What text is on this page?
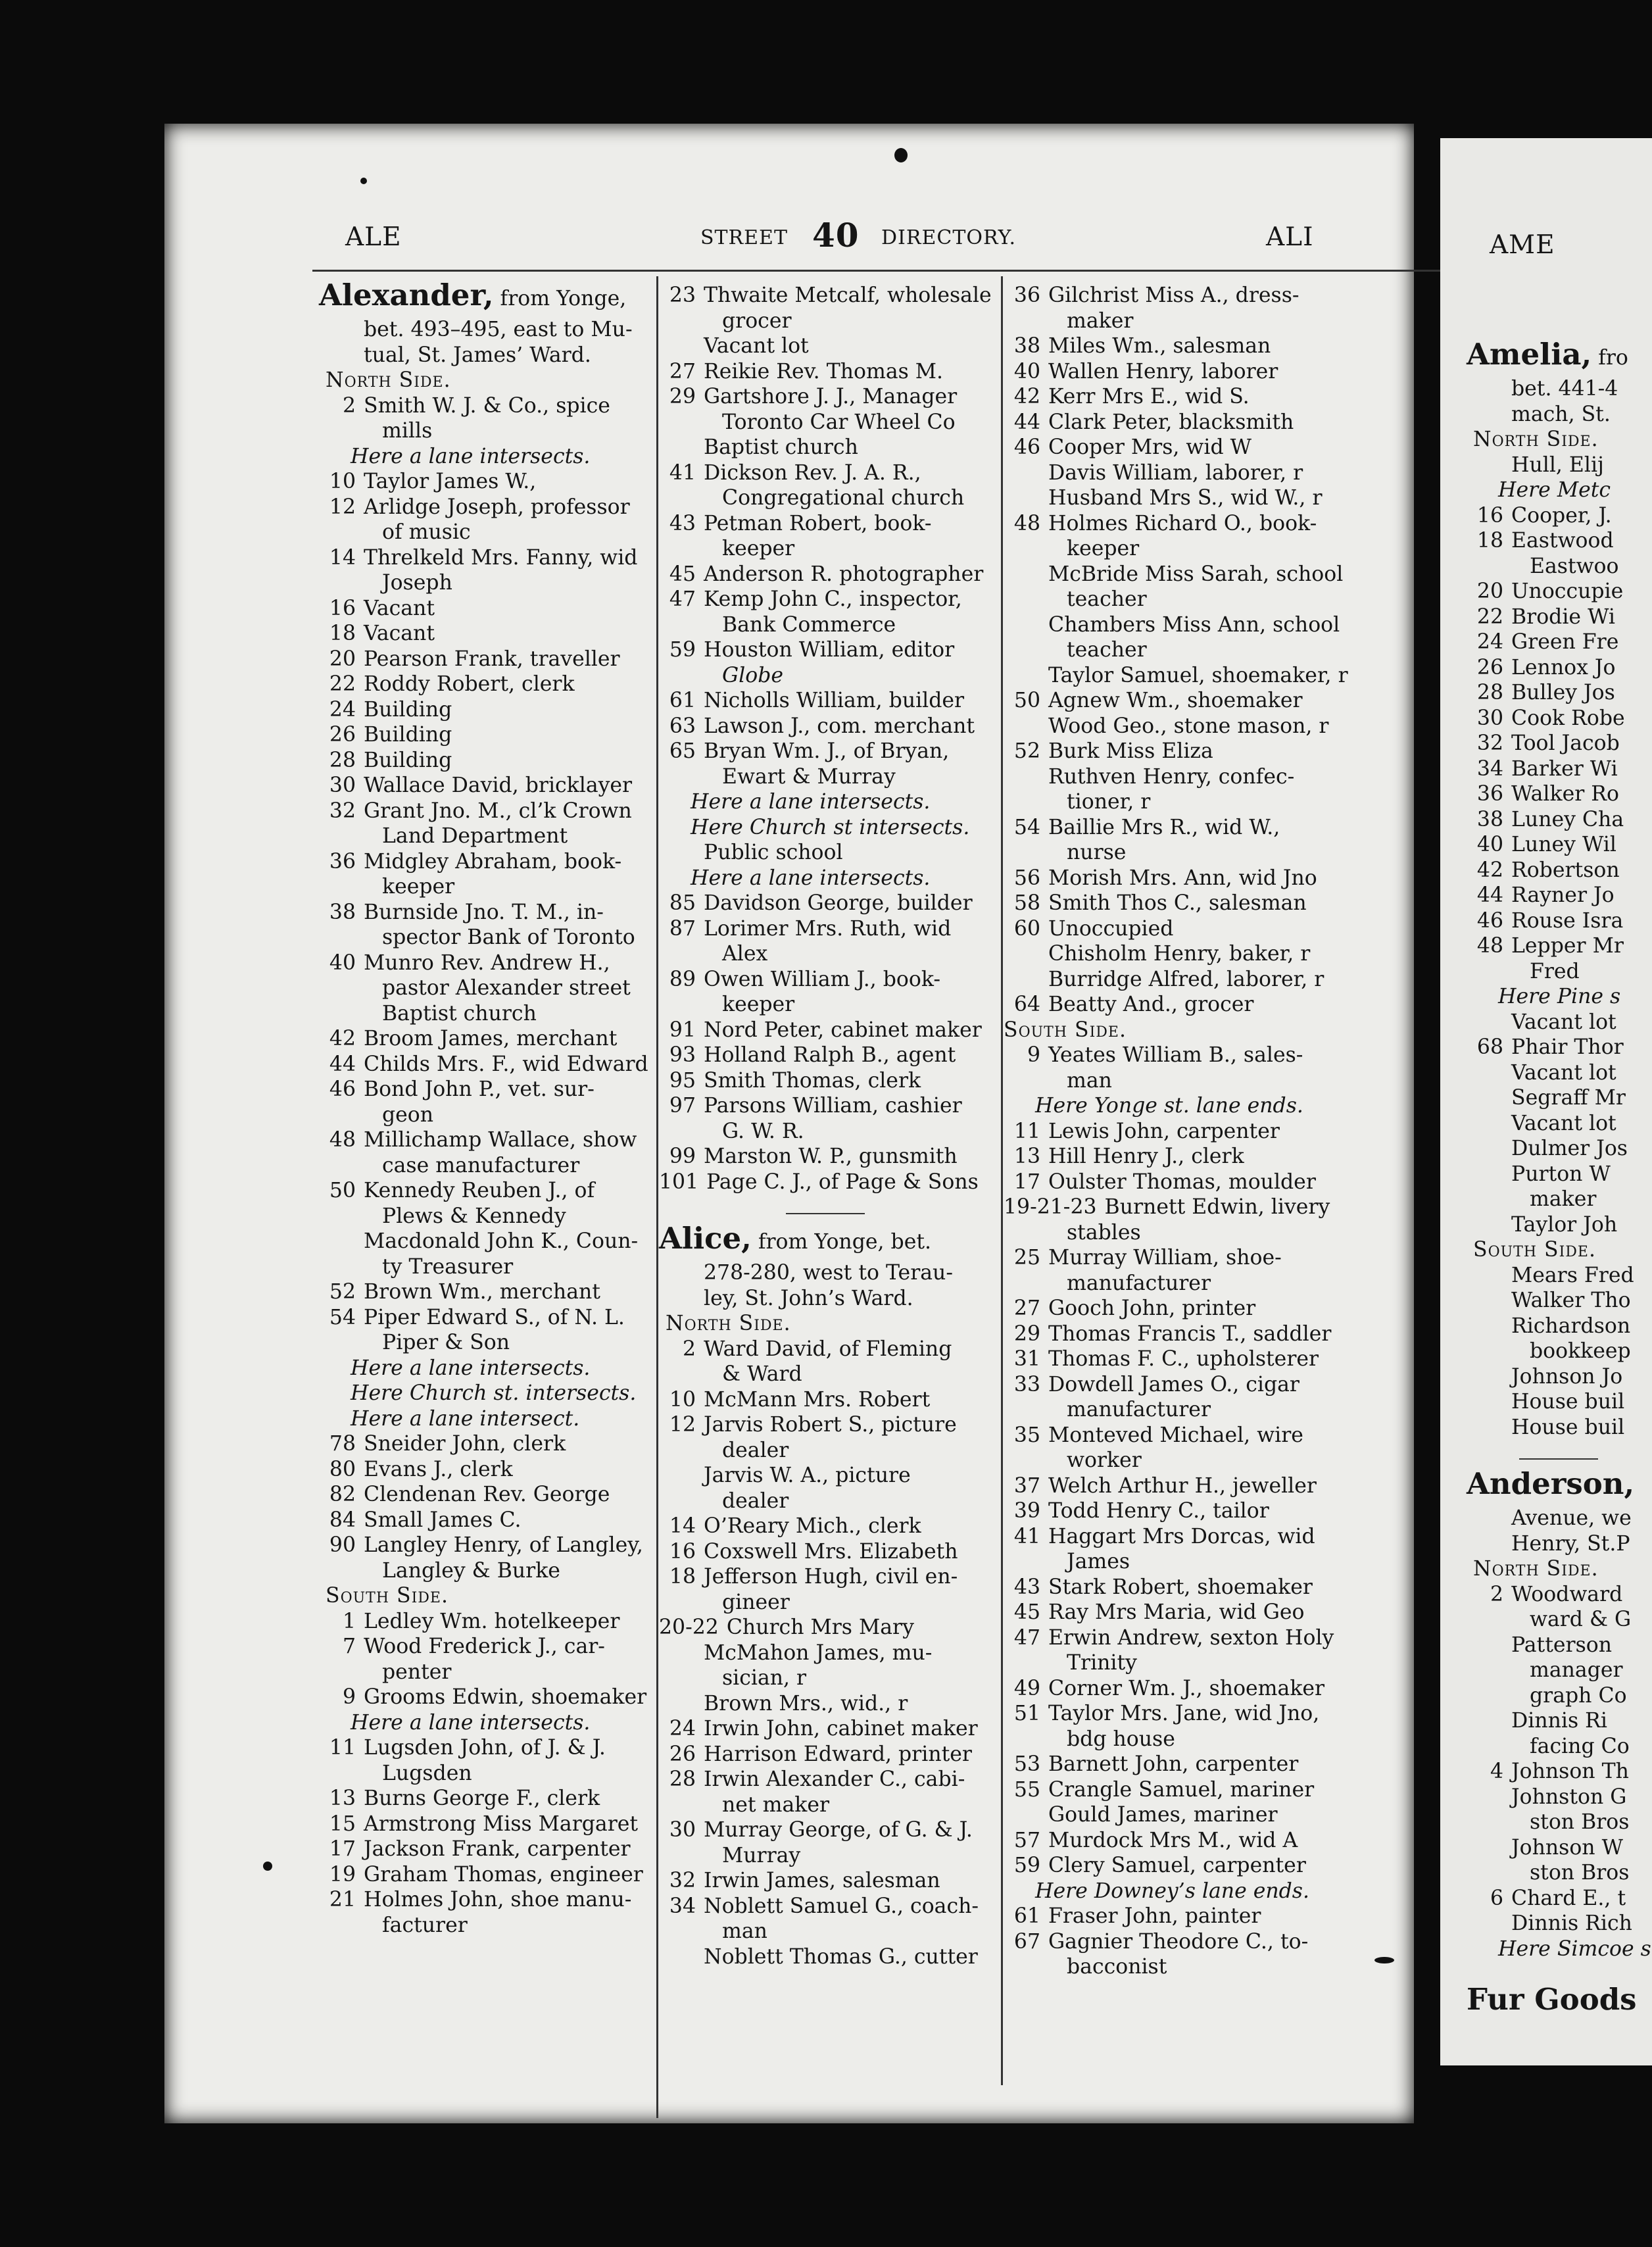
ALE	STREET 40 DIRECTORY.	ALI
Alexander, from Yonge,
bet. 493–495, east to Mu-
tual, St. James’ Ward.
North Side.
2 Smith W. J. & Co., spice
mills
Here a lane intersects.
10 Taylor James W.,
12 Arlidge Joseph, professor
of music
14 Threlkeld Mrs. Fanny, wid
Joseph
16 Vacant
18 Vacant
20 Pearson Frank, traveller
22 Roddy Robert, clerk
24 Building
26 Building
28 Building
30 Wallace David, bricklayer
32 Grant Jno. M., cl’k Crown
Land Department
36 Midgley Abraham, book-
keeper
38 Burnside Jno. T. M., in-
spector Bank of Toronto
40 Munro Rev. Andrew H.,
pastor Alexander street
Baptist church
42 Broom James, merchant
44 Childs Mrs. F., wid Edward
46 Bond John P., vet. sur-
geon
48 Millichamp Wallace, show
case manufacturer
50 Kennedy Reuben J., of
Plews & Kennedy
Macdonald John K., Coun-
ty Treasurer
52 Brown Wm., merchant
54 Piper Edward S., of N. L.
Piper & Son
Here a lane intersects.
Here Church st. intersects.
Here a lane intersect.
78 Sneider John, clerk
80 Evans J., clerk
82 Clendenan Rev. George
84 Small James C.
90 Langley Henry, of Langley,
Langley & Burke
South Side.
1 Ledley Wm. hotelkeeper
7 Wood Frederick J., car-
penter
9 Grooms Edwin, shoemaker
Here a lane intersects.
11 Lugsden John, of J. & J.
Lugsden
13 Burns George F., clerk
15 Armstrong Miss Margaret
17 Jackson Frank, carpenter
19 Graham Thomas, engineer
21 Holmes John, shoe manu-
facturer
23 Thwaite Metcalf, wholesale
grocer
Vacant lot
27 Reikie Rev. Thomas M.
29 Gartshore J. J., Manager
Toronto Car Wheel Co
Baptist church
41 Dickson Rev. J. A. R.,
Congregational church
43 Petman Robert, book-
keeper
45 Anderson R. photographer
47 Kemp John C., inspector,
Bank Commerce
59 Houston William, editor
Globe
61 Nicholls William, builder
63 Lawson J., com. merchant
65 Bryan Wm. J., of Bryan,
Ewart & Murray
Here a lane intersects.
Here Church st intersects.
Public school
Here a lane intersects.
85 Davidson George, builder
87 Lorimer Mrs. Ruth, wid
Alex
89 Owen William J., book-
keeper
91 Nord Peter, cabinet maker
93 Holland Ralph B., agent
95 Smith Thomas, clerk
97 Parsons William, cashier
G. W. R.
99 Marston W. P., gunsmith
101 Page C. J., of Page & Sons
Alice, from Yonge, bet.
278-280, west to Terau-
ley, St. John’s Ward.
North Side.
2 Ward David, of Fleming
& Ward
10 McMann Mrs. Robert
12 Jarvis Robert S., picture
dealer
Jarvis W. A., picture
dealer
14 O’Reary Mich., clerk
16 Coxswell Mrs. Elizabeth
18 Jefferson Hugh, civil en-
gineer
20-22 Church Mrs Mary
McMahon James, mu-
sician, r
Brown Mrs., wid., r
24 Irwin John, cabinet maker
26 Harrison Edward, printer
28 Irwin Alexander C., cabi-
net maker
30 Murray George, of G. & J.
Murray
32 Irwin James, salesman
34 Noblett Samuel G., coach-
man
Noblett Thomas G., cutter
36 Gilchrist Miss A., dress-
maker
38 Miles Wm., salesman
40 Wallen Henry, laborer
42 Kerr Mrs E., wid S.
44 Clark Peter, blacksmith
46 Cooper Mrs, wid W
Davis William, laborer, r
Husband Mrs S., wid W., r
48 Holmes Richard O., book-
keeper
McBride Miss Sarah, school
teacher
Chambers Miss Ann, school
teacher
Taylor Samuel, shoemaker, r
50 Agnew Wm., shoemaker
Wood Geo., stone mason, r
52 Burk Miss Eliza
Ruthven Henry, confec-
tioner, r
54 Baillie Mrs R., wid W.,
nurse
56 Morish Mrs. Ann, wid Jno
58 Smith Thos C., salesman
60 Unoccupied
Chisholm Henry, baker, r
Burridge Alfred, laborer, r
64 Beatty And., grocer
South Side.
9 Yeates William B., sales-
man
Here Yonge st. lane ends.
11 Lewis John, carpenter
13 Hill Henry J., clerk
17 Oulster Thomas, moulder
19-21-23 Burnett Edwin, livery
stables
25 Murray William, shoe-
manufacturer
27 Gooch John, printer
29 Thomas Francis T., saddler
31 Thomas F. C., upholsterer
33 Dowdell James O., cigar
manufacturer
35 Monteved Michael, wire
worker
37 Welch Arthur H., jeweller
39 Todd Henry C., tailor
41 Haggart Mrs Dorcas, wid
James
43 Stark Robert, shoemaker
45 Ray Mrs Maria, wid Geo
47 Erwin Andrew, sexton Holy
Trinity
49 Corner Wm. J., shoemaker
51 Taylor Mrs. Jane, wid Jno,
bdg house
53 Barnett John, carpenter
55 Crangle Samuel, mariner
Gould James, mariner
57 Murdock Mrs M., wid A
59 Clery Samuel, carpenter
Here Downey’s lane ends.
61 Fraser John, painter
67 Gagnier Theodore C., to-
bacconist
AME
Amelia, fro
bet. 441-4
mach, St.
North Side.
Hull, Elij
Here Metc
16 Cooper, J.
18 Eastwood
Eastwoo
20 Unoccupie
22 Brodie Wi
24 Green Fre
26 Lennox Jo
28 Bulley Jos
30 Cook Robe
32 Tool Jacob
34 Barker Wi
36 Walker Ro
38 Luney Cha
40 Luney Wil
42 Robertson
44 Rayner Jo
46 Rouse Isra
48 Lepper Mr
Fred
Here Pine s
Vacant lot
68 Phair Thor
Vacant lot
Segraff Mr
Vacant lot
Dulmer Jos
Purton W
maker
Taylor Joh
South Side.
Mears Fred
Walker Tho
Richardson
bookkeep
Johnson Jo
House buil
House buil
Anderson,
Avenue, we
Henry, St.P
North Side.
2 Woodward
ward & G
Patterson
manager
graph Co
Dinnis Ri
facing Co
4 Johnson Th
Johnston G
ston Bros
Johnson W
ston Bros
6 Chard E., t
Dinnis Rich
Here Simcoe s
Fur Goods
